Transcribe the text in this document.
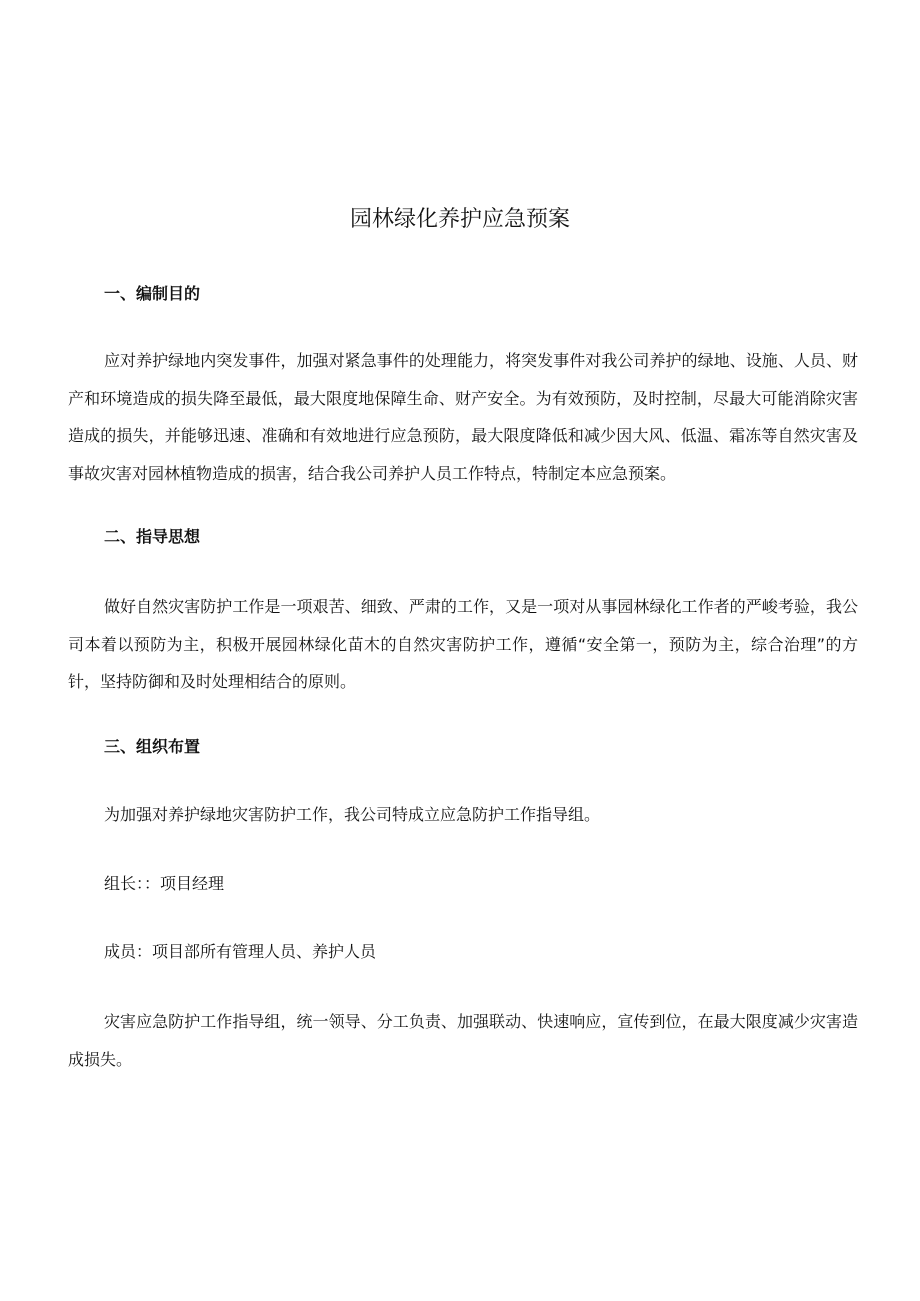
园林绿化养护应急预案
一、编制目的

应对养护绿地内突发事件，加强对紧急事件的处理能力，将突发事件对我公司养护的绿地、设施、人员、财产和环境造成的损失降至最低，最大限度地保障生命、财产安全。为有效预防，及时控制，尽最大可能消除灾害造成的损失，并能够迅速、准确和有效地进行应急预防，最大限度降低和减少因大风、低温、霜冻等自然灾害及事故灾害对园林植物造成的损害，结合我公司养护人员工作特点，特制定本应急预案。

二、指导思想

做好自然灾害防护工作是一项艰苦、细致、严肃的工作，又是一项对从事园林绿化工作者的严峻考验，我公司本着以预防为主，积极开展园林绿化苗木的自然灾害防护工作，遵循“安全第一，预防为主，综合治理”的方针，坚持防御和及时处理相结合的原则。

三、组织布置

为加强对养护绿地灾害防护工作，我公司特成立应急防护工作指导组。

组长：：项目经理

成员：项目部所有管理人员、养护人员

灾害应急防护工作指导组，统一领导、分工负责、加强联动、快速响应，宣传到位，在最大限度减少灾害造成损失。
